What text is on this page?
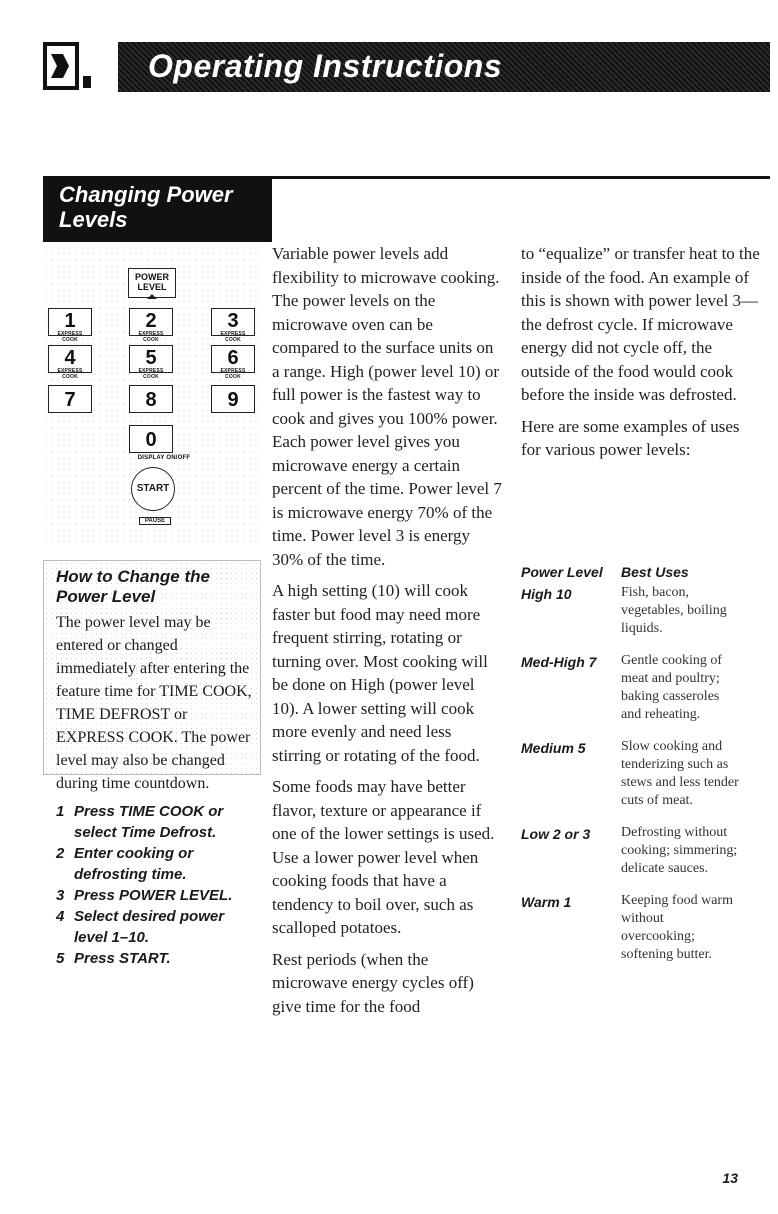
Operating Instructions
Changing Power Levels
POWER LEVEL
1
EXPRESS COOK
2
EXPRESS COOK
3
EXPRESS COOK
4
EXPRESS COOK
5
EXPRESS COOK
6
EXPRESS COOK
7	8	9
0
DISPLAY ON/OFF
START
PAUSE
How to Change the Power Level
The power level may be entered or changed immediately after entering the feature time for TIME COOK, TIME DEFROST or EXPRESS COOK. The power level may also be changed during time countdown.
1 Press TIME COOK or select Time Defrost.
2 Enter cooking or defrosting time.
3 Press POWER LEVEL.
4 Select desired power level 1–10.
5 Press START.

Variable power levels add flexibility to microwave cooking. The power levels on the microwave oven can be compared to the surface units on a range. High (power level 10) or full power is the fastest way to cook and gives you 100% power. Each power level gives you microwave energy a certain percent of the time. Power level 7 is microwave energy 70% of the time. Power level 3 is energy 30% of the time.

A high setting (10) will cook faster but food may need more frequent stirring, rotating or turning over. Most cooking will be done on High (power level 10). A lower setting will cook more evenly and need less stirring or rotating of the food.

Some foods may have better flavor, texture or appearance if one of the lower settings is used. Use a lower power level when cooking foods that have a tendency to boil over, such as scalloped potatoes.

Rest periods (when the microwave energy cycles off) give time for the food

to “equalize” or transfer heat to the inside of the food. An example of this is shown with power level 3—the defrost cycle. If microwave energy did not cycle off, the outside of the food would cook before the inside was defrosted.

Here are some examples of uses for various power levels:

Power Level	Best Uses
High 10	Fish, bacon, vegetables, boiling liquids.
Med-High 7	Gentle cooking of meat and poultry; baking casseroles and reheating.
Medium 5	Slow cooking and tenderizing such as stews and less tender cuts of meat.
Low 2 or 3	Defrosting without cooking; simmering; delicate sauces.
Warm 1	Keeping food warm without overcooking; softening butter.
13
